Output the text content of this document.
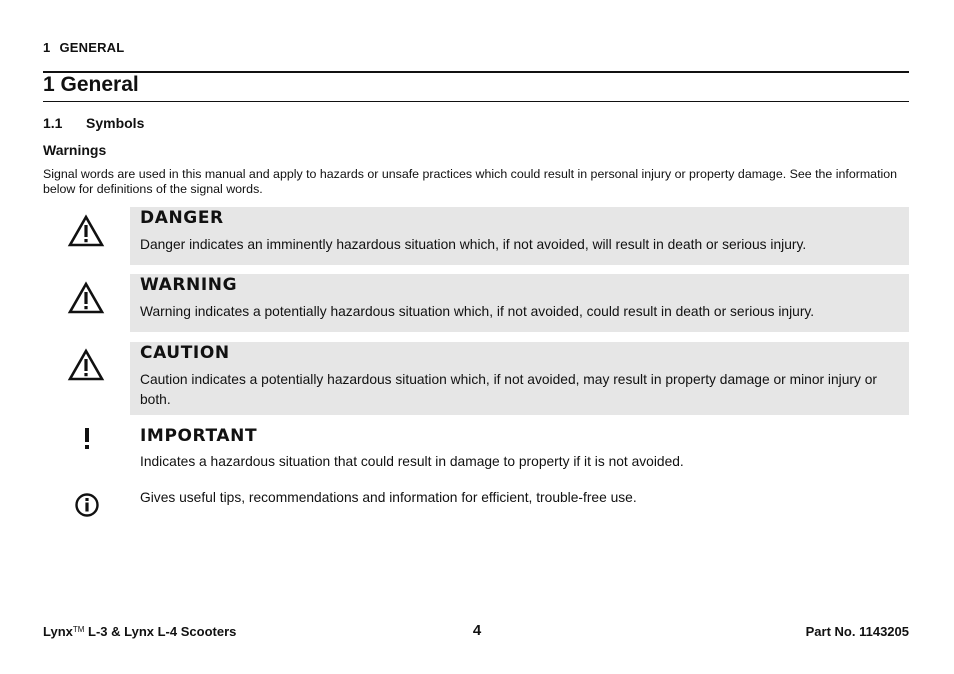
1 GENERAL
1 General
1.1 Symbols
Warnings
Signal words are used in this manual and apply to hazards or unsafe practices which could result in personal injury or property damage. See the information below for definitions of the signal words.
DANGER
Danger indicates an imminently hazardous situation which, if not avoided, will result in death or serious injury.
WARNING
Warning indicates a potentially hazardous situation which, if not avoided, could result in death or serious injury.
CAUTION
Caution indicates a potentially hazardous situation which, if not avoided, may result in property damage or minor injury or both.
IMPORTANT
Indicates a hazardous situation that could result in damage to property if it is not avoided.
Gives useful tips, recommendations and information for efficient, trouble-free use.
Lynx™ L-3 & Lynx L-4 Scooters	4	Part No. 1143205
